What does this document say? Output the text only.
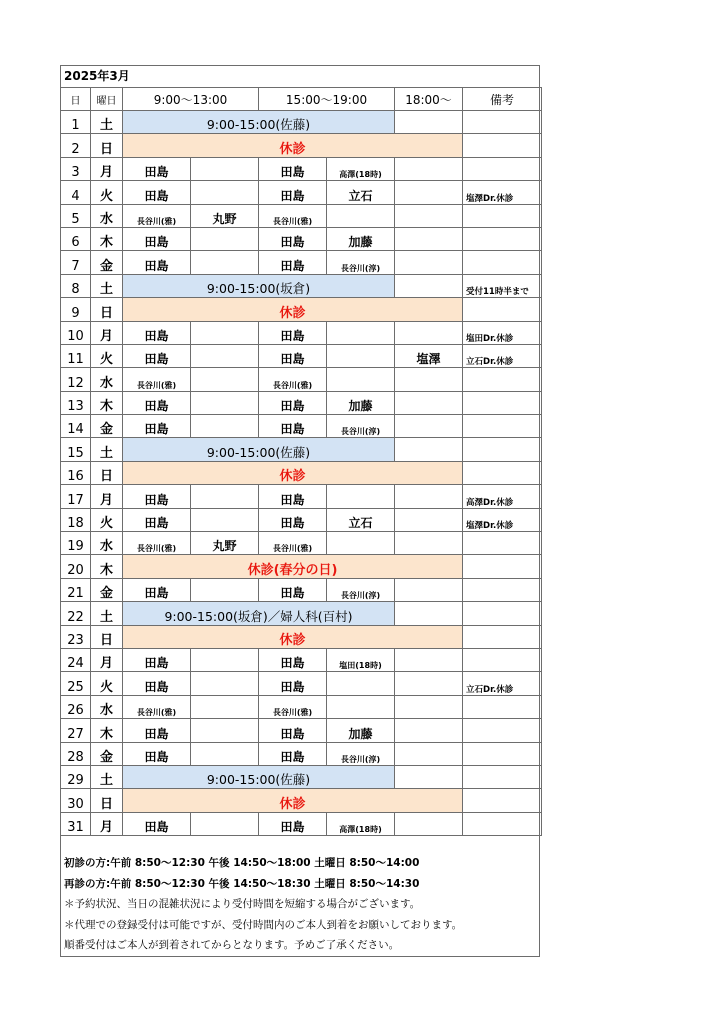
2025年3月
日	曜日	9:00～13:00		15:00～19:00		18:00～	備考
1	土	9:00-15:00(佐藤)					
2	日	休診					
3	月	田島		田島	高澤(18時)		
4	火	田島		田島	立石		塩澤Dr.休診
5	水	長谷川(雅)	丸野	長谷川(雅)			
6	木	田島		田島	加藤		
7	金	田島		田島	長谷川(淳)		
8	土	9:00-15:00(坂倉)					受付11時半まで
9	日	休診					
10	月	田島		田島			塩田Dr.休診
11	火	田島		田島		塩澤	立石Dr.休診
12	水	長谷川(雅)		長谷川(雅)			
13	木	田島		田島	加藤		
14	金	田島		田島	長谷川(淳)		
15	土	9:00-15:00(佐藤)					
16	日	休診					
17	月	田島		田島			高澤Dr.休診
18	火	田島		田島	立石		塩澤Dr.休診
19	水	長谷川(雅)	丸野	長谷川(雅)			
20	木	休診(春分の日)					
21	金	田島		田島	長谷川(淳)		
22	土	9:00-15:00(坂倉)／婦人科(百村)					
23	日	休診					
24	月	田島		田島	塩田(18時)		
25	火	田島		田島			立石Dr.休診
26	水	長谷川(雅)		長谷川(雅)			
27	木	田島		田島	加藤		
28	金	田島		田島	長谷川(淳)		
29	土	9:00-15:00(佐藤)					
30	日	休診					
31	月	田島		田島	高澤(18時)		
初診の方:午前 8:50～12:30 午後 14:50～18:00 土曜日 8:50～14:00
再診の方:午前 8:50～12:30 午後 14:50～18:30 土曜日 8:50～14:30
＊予約状況、当日の混雑状況により受付時間を短縮する場合がございます。
＊代理での登録受付は可能ですが、受付時間内のご本人到着をお願いしております。
順番受付はご本人が到着されてからとなります。予めご了承ください。
